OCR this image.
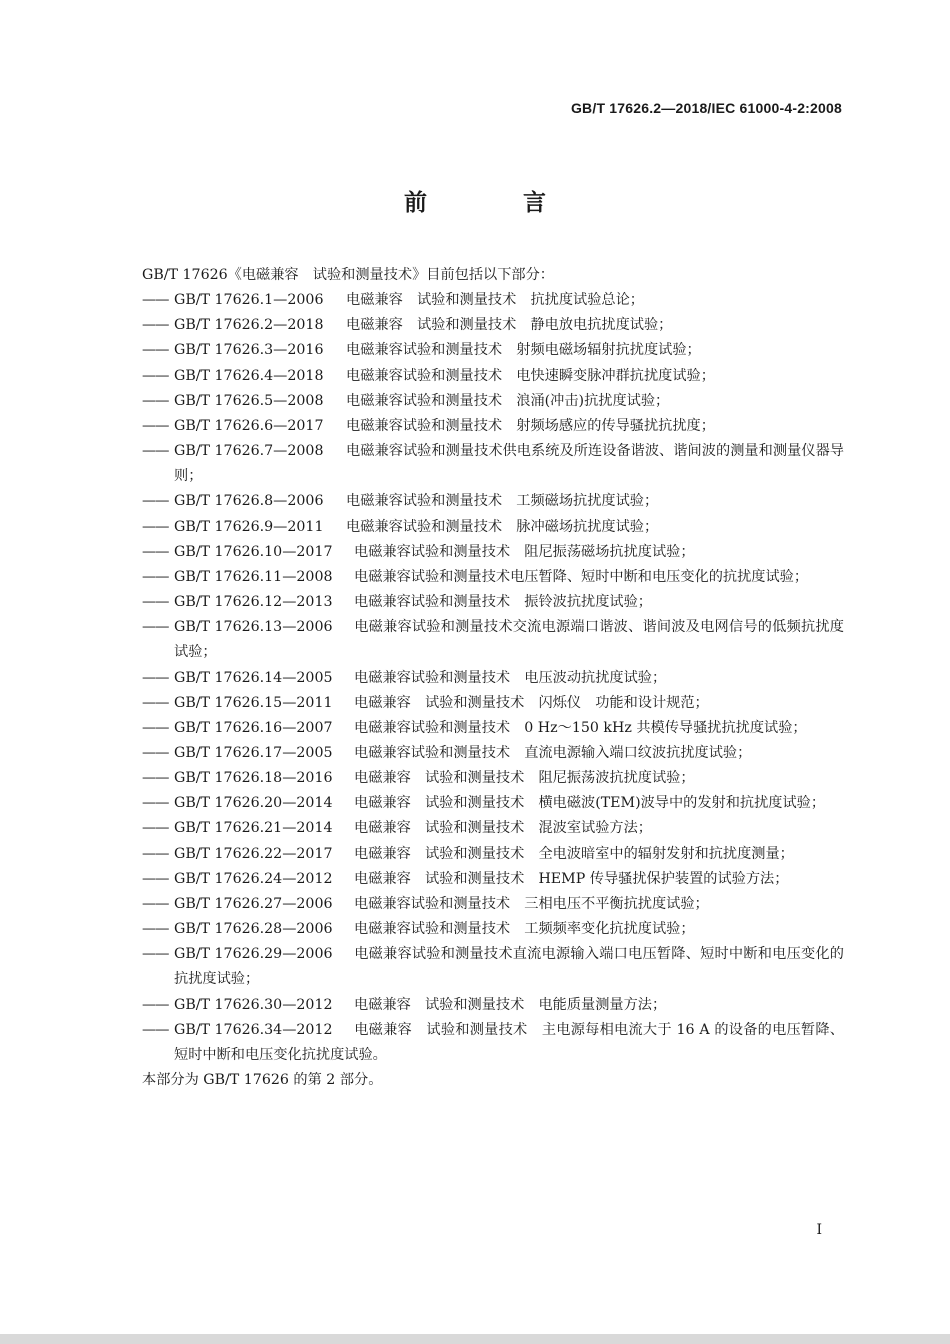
GB/T 17626.2—2018/IEC 61000-4-2:2008
前 言
GB/T 17626《电磁兼容　试验和测量技术》目前包括以下部分：
—— GB/T 17626.1—2006 电磁兼容　试验和测量技术　抗扰度试验总论；
—— GB/T 17626.2—2018 电磁兼容　试验和测量技术　静电放电抗扰度试验；
—— GB/T 17626.3—2016 电磁兼容试验和测量技术　射频电磁场辐射抗扰度试验；
—— GB/T 17626.4—2018 电磁兼容试验和测量技术　电快速瞬变脉冲群抗扰度试验；
—— GB/T 17626.5—2008 电磁兼容试验和测量技术　浪涌(冲击)抗扰度试验；
—— GB/T 17626.6—2017 电磁兼容试验和测量技术　射频场感应的传导骚扰抗扰度；
—— GB/T 17626.7—2008 电磁兼容试验和测量技术供电系统及所连设备谐波、谐间波的测量和测量仪器导则；
—— GB/T 17626.8—2006 电磁兼容试验和测量技术　工频磁场抗扰度试验；
—— GB/T 17626.9—2011 电磁兼容试验和测量技术　脉冲磁场抗扰度试验；
—— GB/T 17626.10—2017 电磁兼容试验和测量技术　阻尼振荡磁场抗扰度试验；
—— GB/T 17626.11—2008 电磁兼容试验和测量技术电压暂降、短时中断和电压变化的抗扰度试验；
—— GB/T 17626.12—2013 电磁兼容试验和测量技术　振铃波抗扰度试验；
—— GB/T 17626.13—2006 电磁兼容试验和测量技术交流电源端口谐波、谐间波及电网信号的低频抗扰度试验；
—— GB/T 17626.14—2005 电磁兼容试验和测量技术　电压波动抗扰度试验；
—— GB/T 17626.15—2011 电磁兼容　试验和测量技术　闪烁仪　功能和设计规范；
—— GB/T 17626.16—2007 电磁兼容试验和测量技术　0 Hz～150 kHz 共模传导骚扰抗扰度试验；
—— GB/T 17626.17—2005 电磁兼容试验和测量技术　直流电源输入端口纹波抗扰度试验；
—— GB/T 17626.18—2016 电磁兼容　试验和测量技术　阻尼振荡波抗扰度试验；
—— GB/T 17626.20—2014 电磁兼容　试验和测量技术　横电磁波(TEM)波导中的发射和抗扰度试验；
—— GB/T 17626.21—2014 电磁兼容　试验和测量技术　混波室试验方法；
—— GB/T 17626.22—2017 电磁兼容　试验和测量技术　全电波暗室中的辐射发射和抗扰度测量；
—— GB/T 17626.24—2012 电磁兼容　试验和测量技术　HEMP 传导骚扰保护装置的试验方法；
—— GB/T 17626.27—2006 电磁兼容试验和测量技术　三相电压不平衡抗扰度试验；
—— GB/T 17626.28—2006 电磁兼容试验和测量技术　工频频率变化抗扰度试验；
—— GB/T 17626.29—2006 电磁兼容试验和测量技术直流电源输入端口电压暂降、短时中断和电压变化的抗扰度试验；
—— GB/T 17626.30—2012 电磁兼容　试验和测量技术　电能质量测量方法；
—— GB/T 17626.34—2012 电磁兼容　试验和测量技术　主电源每相电流大于 16 A 的设备的电压暂降、短时中断和电压变化抗扰度试验。
本部分为 GB/T 17626 的第 2 部分。
I
